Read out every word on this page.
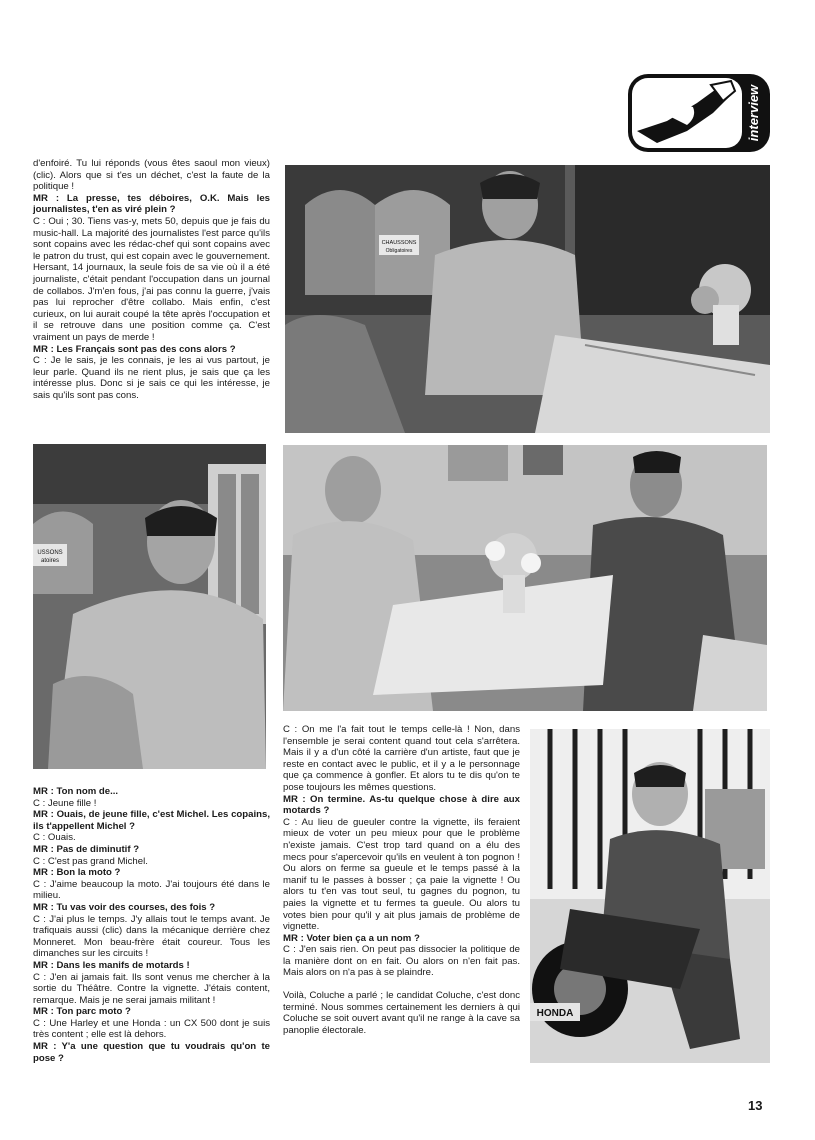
interview

d'enfoiré. Tu lui réponds (vous êtes saoul mon vieux) (clic). Alors que si t'es un déchet, c'est la faute de la politique !

MR : La presse, tes déboires, O.K. Mais les journalistes, t'en as viré plein ?

C : Oui ; 30. Tiens vas-y, mets 50, depuis que je fais du music-hall. La majorité des journalistes l'est parce qu'ils sont copains avec les rédac-chef qui sont copains avec le patron du trust, qui est copain avec le gouvernement. Hersant, 14 journaux, la seule fois de sa vie où il a été journaliste, c'était pendant l'occupation dans un journal de collabos. J'm'en fous, j'ai pas connu la guerre, j'vais pas lui reprocher d'être collabo. Mais enfin, c'est curieux, on lui aurait coupé la tête après l'occupation et il se retrouve dans une position comme ça. C'est vraiment un pays de merde !

MR : Les Français sont pas des cons alors ?

C : Je le sais, je les connais, je les ai vus partout, je leur parle. Quand ils ne rient plus, je sais que ça les intéresse plus. Donc si je sais ce qui les intéresse, je sais qu'ils sont pas cons.

CHAUSSONS
Obligatoires
USSONS
atoires

MR : Ton nom de...

C : Jeune fille !

MR : Ouais, de jeune fille, c'est Michel. Les copains, ils t'appellent Michel ?

C : Ouais.

MR : Pas de diminutif ?

C : C'est pas grand Michel.

MR : Bon la moto ?

C : J'aime beaucoup la moto. J'ai toujours été dans le milieu.

MR : Tu vas voir des courses, des fois ?

C : J'ai plus le temps. J'y allais tout le temps avant. Je trafiquais aussi (clic) dans la mécanique derrière chez Monneret. Mon beau-frère était coureur. Tous les dimanches sur les circuits !

MR : Dans les manifs de motards !

C : J'en ai jamais fait. Ils sont venus me chercher à la sortie du Théâtre. Contre la vignette. J'étais content, remarque. Mais je ne serai jamais militant !

MR : Ton parc moto ?

C : Une Harley et une Honda : un CX 500 dont je suis très content ; elle est là dehors.

MR : Y'a une question que tu voudrais qu'on te pose ?

C : On me l'a fait tout le temps celle-là ! Non, dans l'ensemble je serai content quand tout cela s'arrêtera. Mais il y a d'un côté la carrière d'un artiste, faut que je reste en contact avec le public, et il y a le personnage que ça commence à gonfler. Et alors tu te dis qu'on te pose toujours les mêmes questions.

MR : On termine. As-tu quelque chose à dire aux motards ?

C : Au lieu de gueuler contre la vignette, ils feraient mieux de voter un peu mieux pour que le problème n'existe jamais. C'est trop tard quand on a élu des mecs pour s'apercevoir qu'ils en veulent à ton pognon ! Ou alors on ferme sa gueule et le temps passé à la manif tu le passes à bosser ; ça paie la vignette ! Ou alors tu t'en vas tout seul, tu gagnes du pognon, tu paies la vignette et tu fermes ta gueule. Ou alors tu votes bien pour qu'il y ait plus jamais de problème de vignette.

MR : Voter bien ça a un nom ?

C : J'en sais rien. On peut pas dissocier la politique de la manière dont on en fait. Ou alors on n'en fait pas. Mais alors on n'a pas à se plaindre.

Voilà, Coluche a parlé ; le candidat Coluche, c'est donc terminé. Nous sommes certainement les derniers à qui Coluche se soit ouvert avant qu'il ne range à la cave sa panoplie électorale.

HONDA
13
